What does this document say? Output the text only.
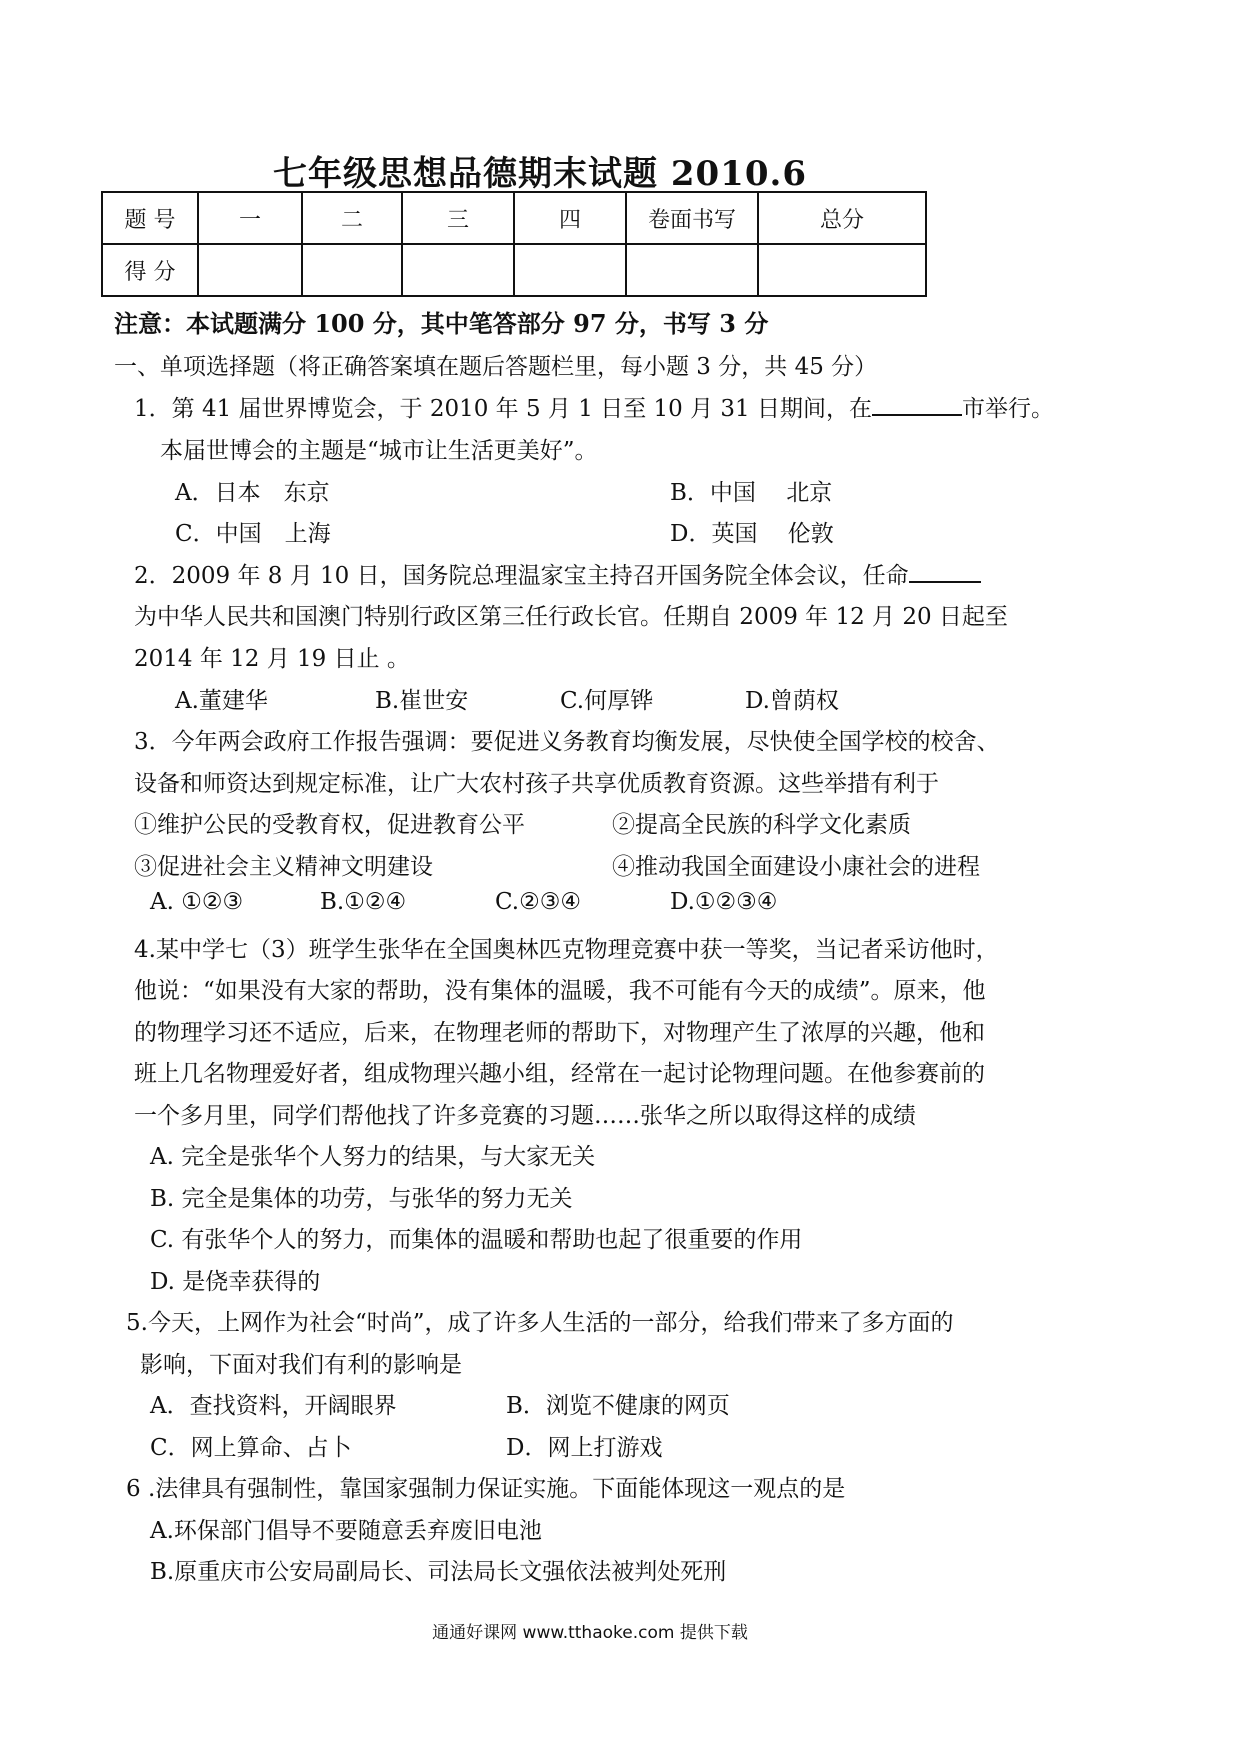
七年级思想品德期末试题 2010.6
题 号	一	二	三	四	卷面书写	总分
得 分						
注意：本试题满分 100 分，其中笔答部分 97 分，书写 3 分
一、单项选择题（将正确答案填在题后答题栏里，每小题 3 分，共 45 分）
1．第 41 届世界博览会，于 2010 年 5 月 1 日至 10 月 31 日期间，在	市举行。
本届世博会的主题是“城市让生活更美好”。
A．日本　东京	B．中国　 北京
C．中国　上海	D．英国　 伦敦
2．2009 年 8 月 10 日，国务院总理温家宝主持召开国务院全体会议，任命
为中华人民共和国澳门特别行政区第三任行政长官。任期自 2009 年 12 月 20 日起至
2014 年 12 月 19 日止 。
A.董建华	B.崔世安	C.何厚铧	D.曾荫权
3．今年两会政府工作报告强调：要促进义务教育均衡发展，尽快使全国学校的校舍、
设备和师资达到规定标准，让广大农村孩子共享优质教育资源。这些举措有利于
①维护公民的受教育权，促进教育公平	②提高全民族的科学文化素质
③促进社会主义精神文明建设	④推动我国全面建设小康社会的进程
A. ①②③	B.①②④	C.②③④	D.①②③④
4.某中学七（3）班学生张华在全国奥林匹克物理竞赛中获一等奖，当记者采访他时，
他说：“如果没有大家的帮助，没有集体的温暖，我不可能有今天的成绩”。原来，他
的物理学习还不适应，后来，在物理老师的帮助下，对物理产生了浓厚的兴趣，他和
班上几名物理爱好者，组成物理兴趣小组，经常在一起讨论物理问题。在他参赛前的
一个多月里，同学们帮他找了许多竞赛的习题……张华之所以取得这样的成绩
A. 完全是张华个人努力的结果，与大家无关
B. 完全是集体的功劳，与张华的努力无关
C. 有张华个人的努力，而集体的温暖和帮助也起了很重要的作用
D. 是侥幸获得的
5.今天，上网作为社会“时尚”，成了许多人生活的一部分，给我们带来了多方面的
影响，下面对我们有利的影响是
A．查找资料，开阔眼界	B．浏览不健康的网页
C．网上算命、占卜	D．网上打游戏
6 .法律具有强制性，靠国家强制力保证实施。下面能体现这一观点的是
A.环保部门倡导不要随意丢弃废旧电池
B.原重庆市公安局副局长、司法局长文强依法被判处死刑
通通好课网 www.tthaoke.com 提供下载
